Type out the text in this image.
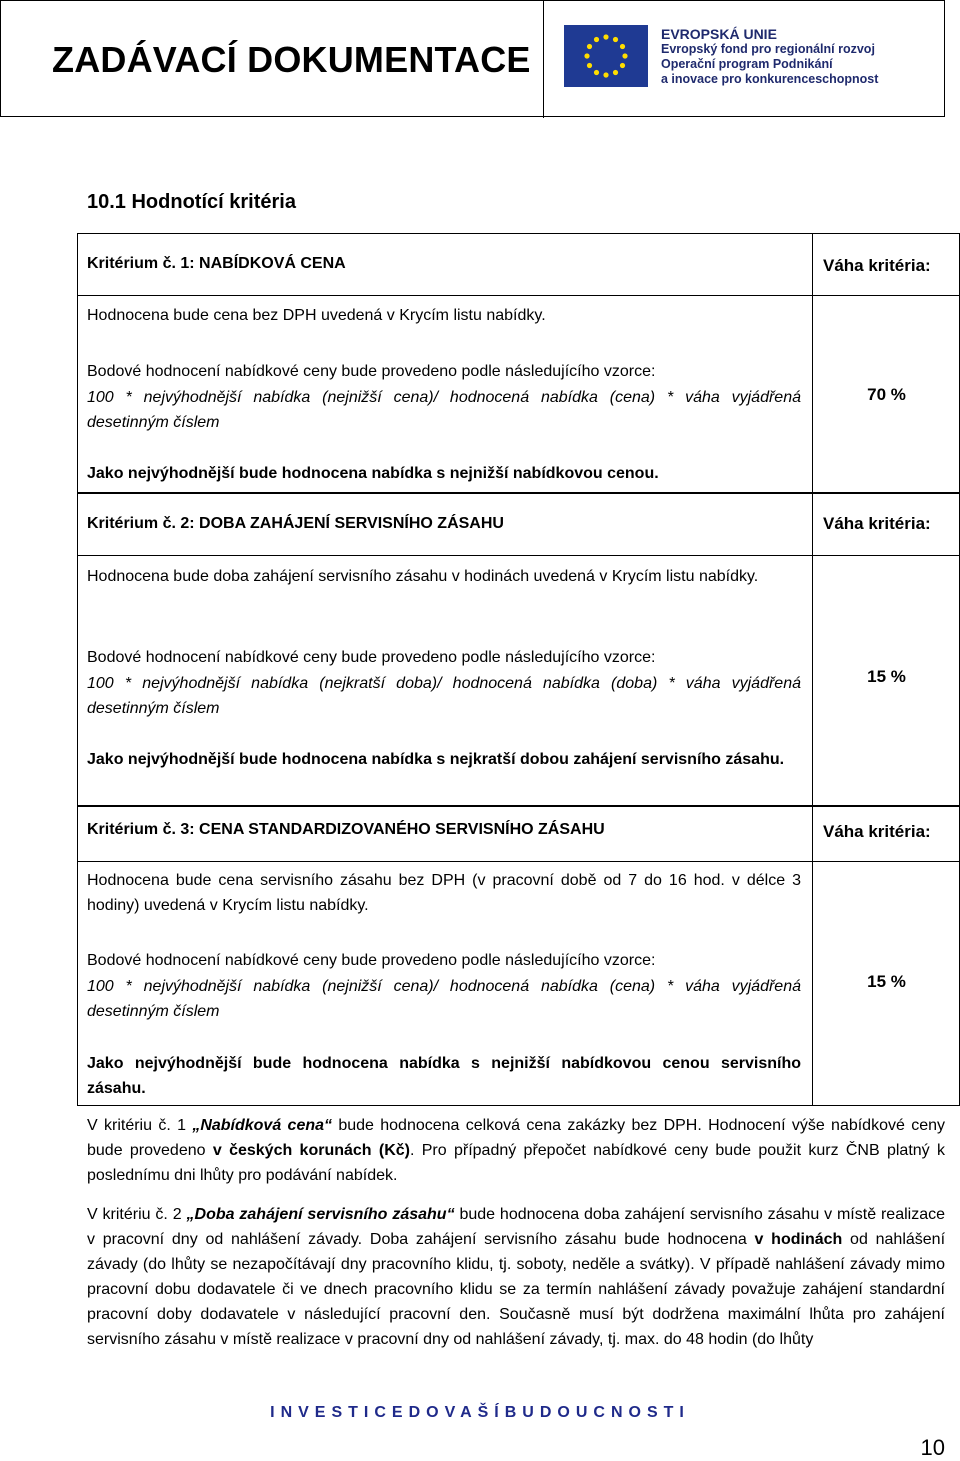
ZADÁVACÍ DOKUMENTACE
EVROPSKÁ UNIE
Evropský fond pro regionální rozvoj
Operační program Podnikání
a inovace pro konkurenceschopnost
10.1 Hodnotící kritéria
Váha kritéria:
70 %
Kritérium č. 1: NABÍDKOVÁ CENA
Hodnocena bude cena bez DPH uvedená v Krycím listu nabídky.
Bodové hodnocení nabídkové ceny bude provedeno podle následujícího vzorce:
100 * nejvýhodnější nabídka (nejnižší cena)/ hodnocená nabídka (cena) * váha vyjádřená desetinným číslem
Jako nejvýhodnější bude hodnocena nabídka s nejnižší nabídkovou cenou.
Váha kritéria:
15 %
Kritérium č. 2: DOBA ZAHÁJENÍ SERVISNÍHO ZÁSAHU
Hodnocena bude doba zahájení servisního zásahu v hodinách uvedená v Krycím listu nabídky.
Bodové hodnocení nabídkové ceny bude provedeno podle následujícího vzorce:
100 * nejvýhodnější nabídka (nejkratší doba)/ hodnocená nabídka (doba) * váha vyjádřená desetinným číslem
Jako nejvýhodnější bude hodnocena nabídka s nejkratší dobou zahájení servisního zásahu.
Váha kritéria:
15 %
Kritérium č. 3: CENA STANDARDIZOVANÉHO SERVISNÍHO ZÁSAHU
Hodnocena bude cena servisního zásahu bez DPH (v pracovní době od 7 do 16 hod. v délce 3 hodiny) uvedená v Krycím listu nabídky.
Bodové hodnocení nabídkové ceny bude provedeno podle následujícího vzorce:
100 * nejvýhodnější nabídka (nejnižší cena)/ hodnocená nabídka (cena) * váha vyjádřená desetinným číslem
Jako nejvýhodnější bude hodnocena nabídka s nejnižší nabídkovou cenou servisního zásahu.
V kritériu č. 1 „Nabídková cena“ bude hodnocena celková cena zakázky bez DPH. Hodnocení výše nabídkové ceny bude provedeno v českých korunách (Kč). Pro případný přepočet nabídkové ceny bude použit kurz ČNB platný k poslednímu dni lhůty pro podávání nabídek.
V kritériu č. 2 „Doba zahájení servisního zásahu“ bude hodnocena doba zahájení servisního zásahu v místě realizace v pracovní dny od nahlášení závady. Doba zahájení servisního zásahu bude hodnocena v hodinách od nahlášení závady (do lhůty se nezapočítávají dny pracovního klidu, tj. soboty, neděle a svátky). V případě nahlášení závady mimo pracovní dobu dodavatele či ve dnech pracovního klidu se za termín nahlášení závady považuje zahájení standardní pracovní doby dodavatele v následující pracovní den. Současně musí být dodržena maximální lhůta pro zahájení servisního zásahu v místě realizace v pracovní dny od nahlášení závady, tj. max. do 48 hodin (do lhůty
INVESTICEDOVAŠÍBUDOUCNOSTI
10
